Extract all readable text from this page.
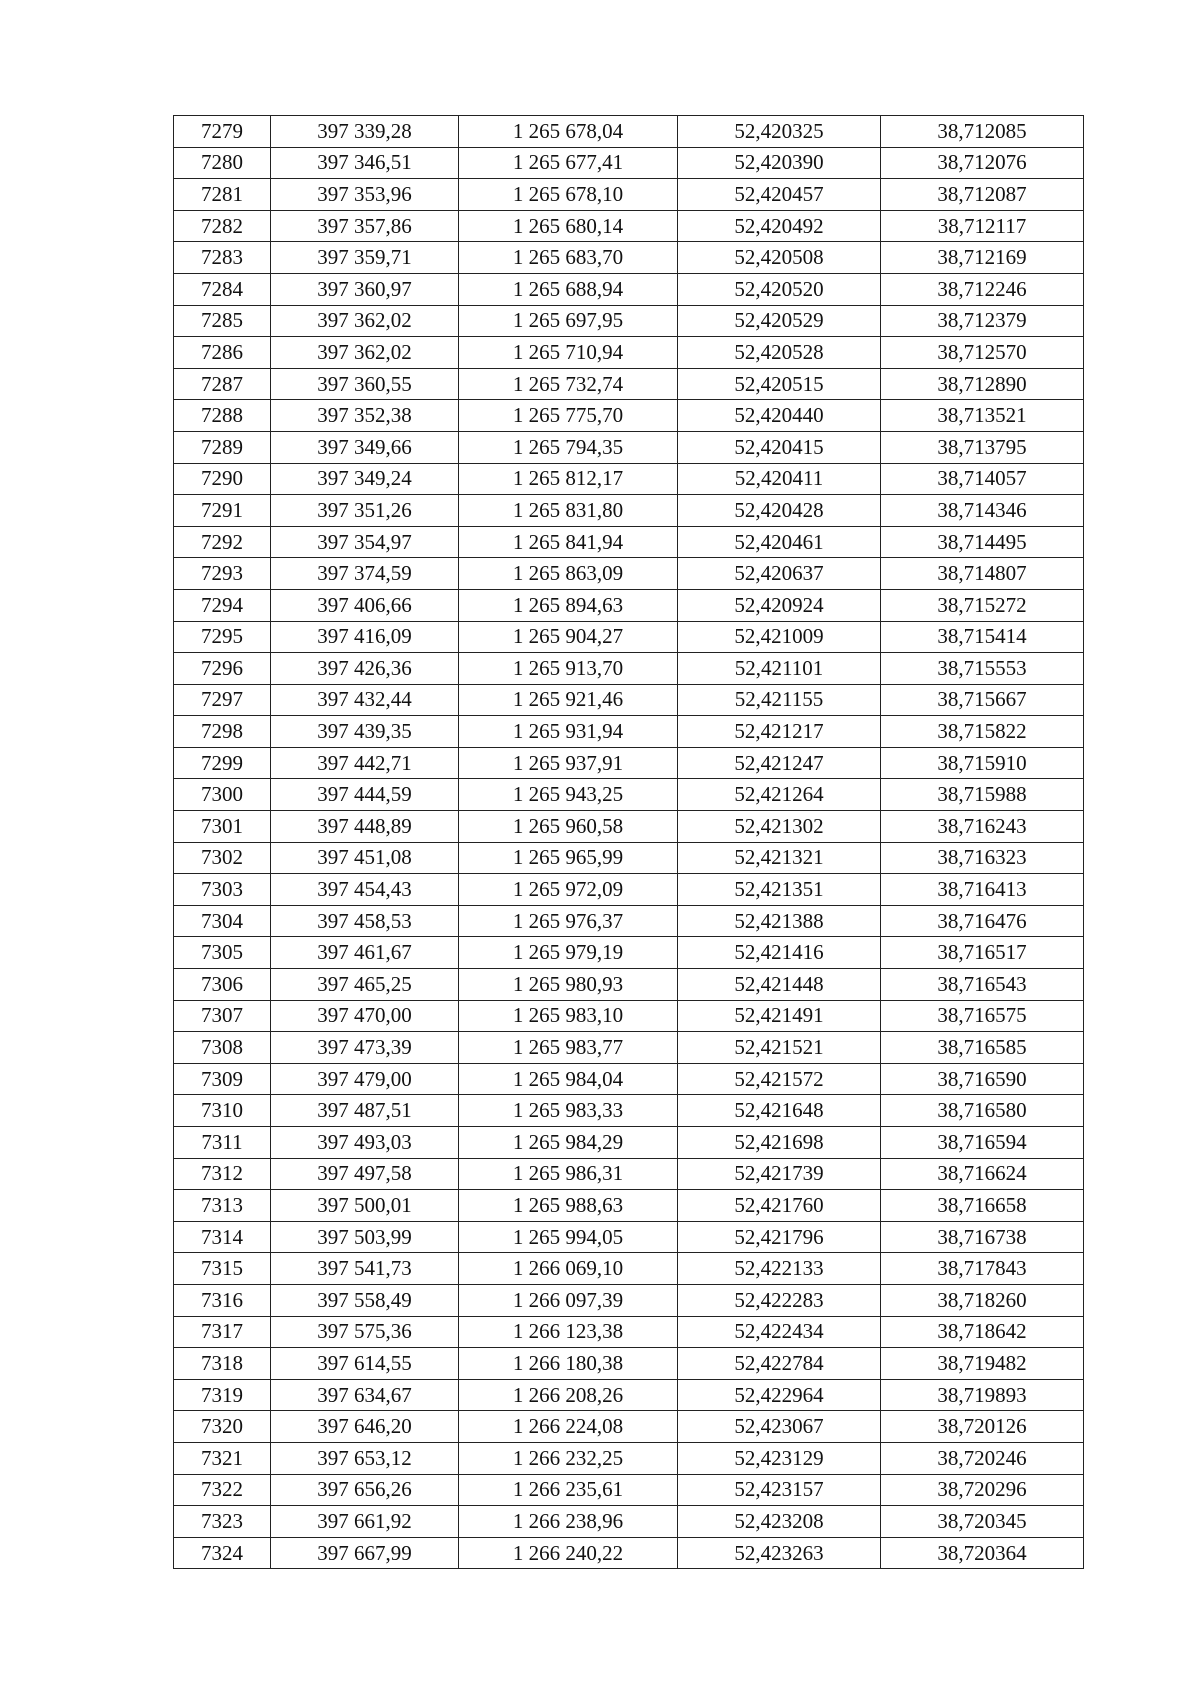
7279	397 339,28	1 265 678,04	52,420325	38,712085
7280	397 346,51	1 265 677,41	52,420390	38,712076
7281	397 353,96	1 265 678,10	52,420457	38,712087
7282	397 357,86	1 265 680,14	52,420492	38,712117
7283	397 359,71	1 265 683,70	52,420508	38,712169
7284	397 360,97	1 265 688,94	52,420520	38,712246
7285	397 362,02	1 265 697,95	52,420529	38,712379
7286	397 362,02	1 265 710,94	52,420528	38,712570
7287	397 360,55	1 265 732,74	52,420515	38,712890
7288	397 352,38	1 265 775,70	52,420440	38,713521
7289	397 349,66	1 265 794,35	52,420415	38,713795
7290	397 349,24	1 265 812,17	52,420411	38,714057
7291	397 351,26	1 265 831,80	52,420428	38,714346
7292	397 354,97	1 265 841,94	52,420461	38,714495
7293	397 374,59	1 265 863,09	52,420637	38,714807
7294	397 406,66	1 265 894,63	52,420924	38,715272
7295	397 416,09	1 265 904,27	52,421009	38,715414
7296	397 426,36	1 265 913,70	52,421101	38,715553
7297	397 432,44	1 265 921,46	52,421155	38,715667
7298	397 439,35	1 265 931,94	52,421217	38,715822
7299	397 442,71	1 265 937,91	52,421247	38,715910
7300	397 444,59	1 265 943,25	52,421264	38,715988
7301	397 448,89	1 265 960,58	52,421302	38,716243
7302	397 451,08	1 265 965,99	52,421321	38,716323
7303	397 454,43	1 265 972,09	52,421351	38,716413
7304	397 458,53	1 265 976,37	52,421388	38,716476
7305	397 461,67	1 265 979,19	52,421416	38,716517
7306	397 465,25	1 265 980,93	52,421448	38,716543
7307	397 470,00	1 265 983,10	52,421491	38,716575
7308	397 473,39	1 265 983,77	52,421521	38,716585
7309	397 479,00	1 265 984,04	52,421572	38,716590
7310	397 487,51	1 265 983,33	52,421648	38,716580
7311	397 493,03	1 265 984,29	52,421698	38,716594
7312	397 497,58	1 265 986,31	52,421739	38,716624
7313	397 500,01	1 265 988,63	52,421760	38,716658
7314	397 503,99	1 265 994,05	52,421796	38,716738
7315	397 541,73	1 266 069,10	52,422133	38,717843
7316	397 558,49	1 266 097,39	52,422283	38,718260
7317	397 575,36	1 266 123,38	52,422434	38,718642
7318	397 614,55	1 266 180,38	52,422784	38,719482
7319	397 634,67	1 266 208,26	52,422964	38,719893
7320	397 646,20	1 266 224,08	52,423067	38,720126
7321	397 653,12	1 266 232,25	52,423129	38,720246
7322	397 656,26	1 266 235,61	52,423157	38,720296
7323	397 661,92	1 266 238,96	52,423208	38,720345
7324	397 667,99	1 266 240,22	52,423263	38,720364
